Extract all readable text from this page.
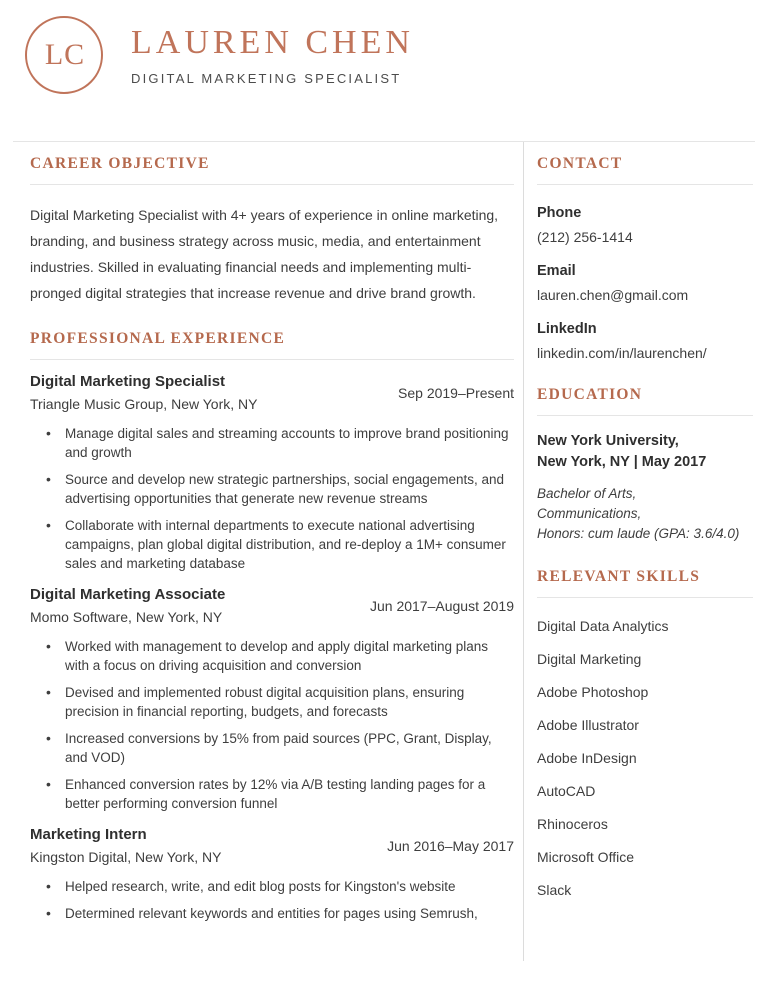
LC LAUREN CHEN
DIGITAL MARKETING SPECIALIST
CAREER OBJECTIVE

Digital Marketing Specialist with 4+ years of experience in online marketing, branding, and business strategy across music, media, and entertainment industries. Skilled in evaluating financial needs and implementing multi-pronged digital strategies that increase revenue and drive brand growth.

PROFESSIONAL EXPERIENCE
Digital Marketing Specialist
Triangle Music Group, New York, NY
Sep 2019–Present
• Manage digital sales and streaming accounts to improve brand positioning and growth
• Source and develop new strategic partnerships, social engagements, and advertising opportunities that generate new revenue streams
• Collaborate with internal departments to execute national advertising campaigns, plan global digital distribution, and re-deploy a 1M+ consumer sales and marketing database
Digital Marketing Associate
Momo Software, New York, NY
Jun 2017–August 2019
• Worked with management to develop and apply digital marketing plans with a focus on driving acquisition and conversion
• Devised and implemented robust digital acquisition plans, ensuring precision in financial reporting, budgets, and forecasts
• Increased conversions by 15% from paid sources (PPC, Grant, Display, and VOD)
• Enhanced conversion rates by 12% via A/B testing landing pages for a better performing conversion funnel
Marketing Intern
Kingston Digital, New York, NY
Jun 2016–May 2017
• Helped research, write, and edit blog posts for Kingston's website
• Determined relevant keywords and entities for pages using Semrush,
CONTACT
Phone
(212) 256-1414
Email
lauren.chen@gmail.com
LinkedIn
linkedin.com/in/laurenchen/
EDUCATION
New York University,
New York, NY | May 2017
Bachelor of Arts,
Communications,
Honors: cum laude (GPA: 3.6/4.0)
RELEVANT SKILLS
Digital Data Analytics
Digital Marketing
Adobe Photoshop
Adobe Illustrator
Adobe InDesign
AutoCAD
Rhinoceros
Microsoft Office
Slack
